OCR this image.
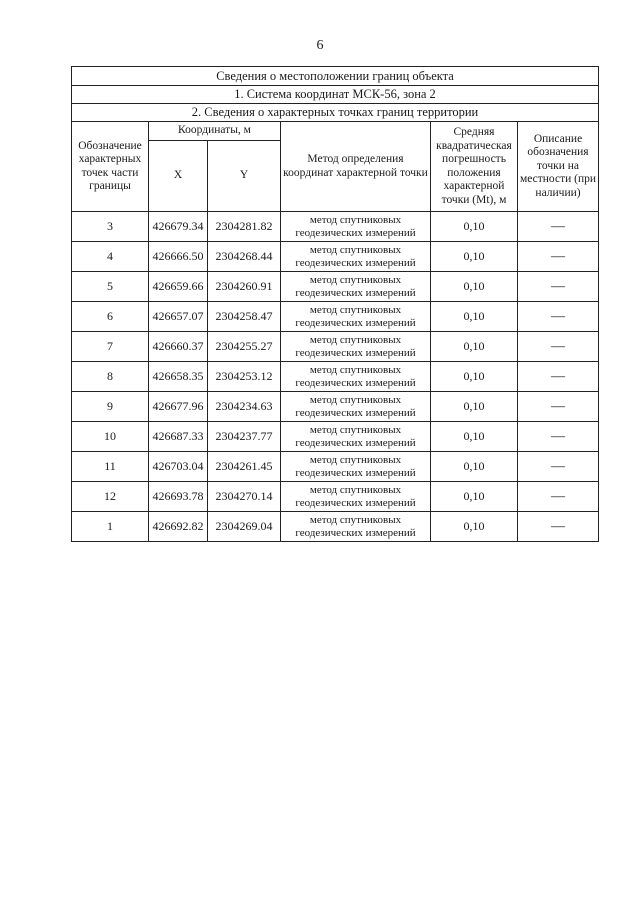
6
Сведения о местоположении границ объекта					
1. Система координат МСК-56, зона 2					
2. Сведения о характерных точках границ территории					
Обозначение характерных точек части границы	Координаты, м		Метод определения координат характерной точки	Средняя квадратическая погрешность положения характерной точки (Mt), м	Описание обозначения точки на местности (при наличии)
	X	Y			
3	426679.34	2304281.82	метод спутниковых геодезических измерений	0,10	—
4	426666.50	2304268.44	метод спутниковых геодезических измерений	0,10	—
5	426659.66	2304260.91	метод спутниковых геодезических измерений	0,10	—
6	426657.07	2304258.47	метод спутниковых геодезических измерений	0,10	—
7	426660.37	2304255.27	метод спутниковых геодезических измерений	0,10	—
8	426658.35	2304253.12	метод спутниковых геодезических измерений	0,10	—
9	426677.96	2304234.63	метод спутниковых геодезических измерений	0,10	—
10	426687.33	2304237.77	метод спутниковых геодезических измерений	0,10	—
11	426703.04	2304261.45	метод спутниковых геодезических измерений	0,10	—
12	426693.78	2304270.14	метод спутниковых геодезических измерений	0,10	—
1	426692.82	2304269.04	метод спутниковых геодезических измерений	0,10	—
